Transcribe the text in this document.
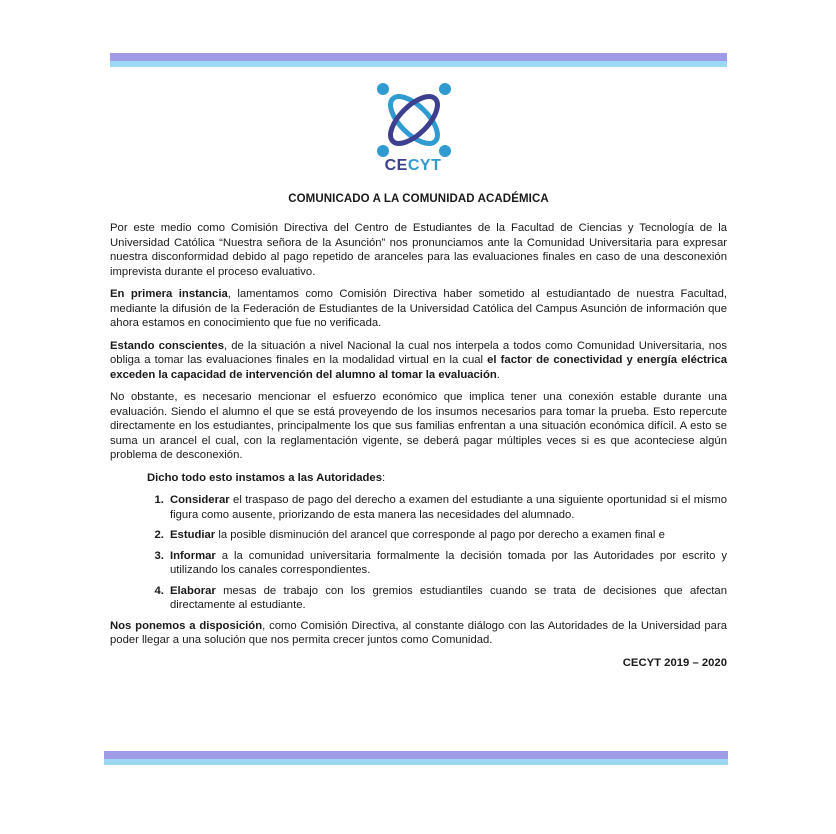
CECYT
COMUNICADO A LA COMUNIDAD ACADÉMICA

Por este medio como Comisión Directiva del Centro de Estudiantes de la Facultad de Ciencias y Tecnología de la Universidad Católica “Nuestra señora de la Asunción” nos pronunciamos ante la Comunidad Universitaria para expresar nuestra disconformidad debido al pago repetido de aranceles para las evaluaciones finales en caso de una desconexión imprevista durante el proceso evaluativo.

En primera instancia, lamentamos como Comisión Directiva haber sometido al estudiantado de nuestra Facultad, mediante la difusión de la Federación de Estudiantes de la Universidad Católica del Campus Asunción de información que ahora estamos en conocimiento que fue no verificada.

Estando conscientes, de la situación a nivel Nacional la cual nos interpela a todos como Comunidad Universitaria, nos obliga a tomar las evaluaciones finales en la modalidad virtual en la cual el factor de conectividad y energía eléctrica exceden la capacidad de intervención del alumno al tomar la evaluación.

No obstante, es necesario mencionar el esfuerzo económico que implica tener una conexión estable durante una evaluación. Siendo el alumno el que se está proveyendo de los insumos necesarios para tomar la prueba. Esto repercute directamente en los estudiantes, principalmente los que sus familias enfrentan a una situación económica difícil. A esto se suma un arancel el cual, con la reglamentación vigente, se deberá pagar múltiples veces si es que aconteciese algún problema de desconexión.

Dicho todo esto instamos a las Autoridades:

1. Considerar el traspaso de pago del derecho a examen del estudiante a una siguiente oportunidad si el mismo figura como ausente, priorizando de esta manera las necesidades del alumnado.
2. Estudiar la posible disminución del arancel que corresponde al pago por derecho a examen final e
3. Informar a la comunidad universitaria formalmente la decisión tomada por las Autoridades por escrito y utilizando los canales correspondientes.
4. Elaborar mesas de trabajo con los gremios estudiantiles cuando se trata de decisiones que afectan directamente al estudiante.

Nos ponemos a disposición, como Comisión Directiva, al constante diálogo con las Autoridades de la Universidad para poder llegar a una solución que nos permita crecer juntos como Comunidad.

CECYT 2019 – 2020
